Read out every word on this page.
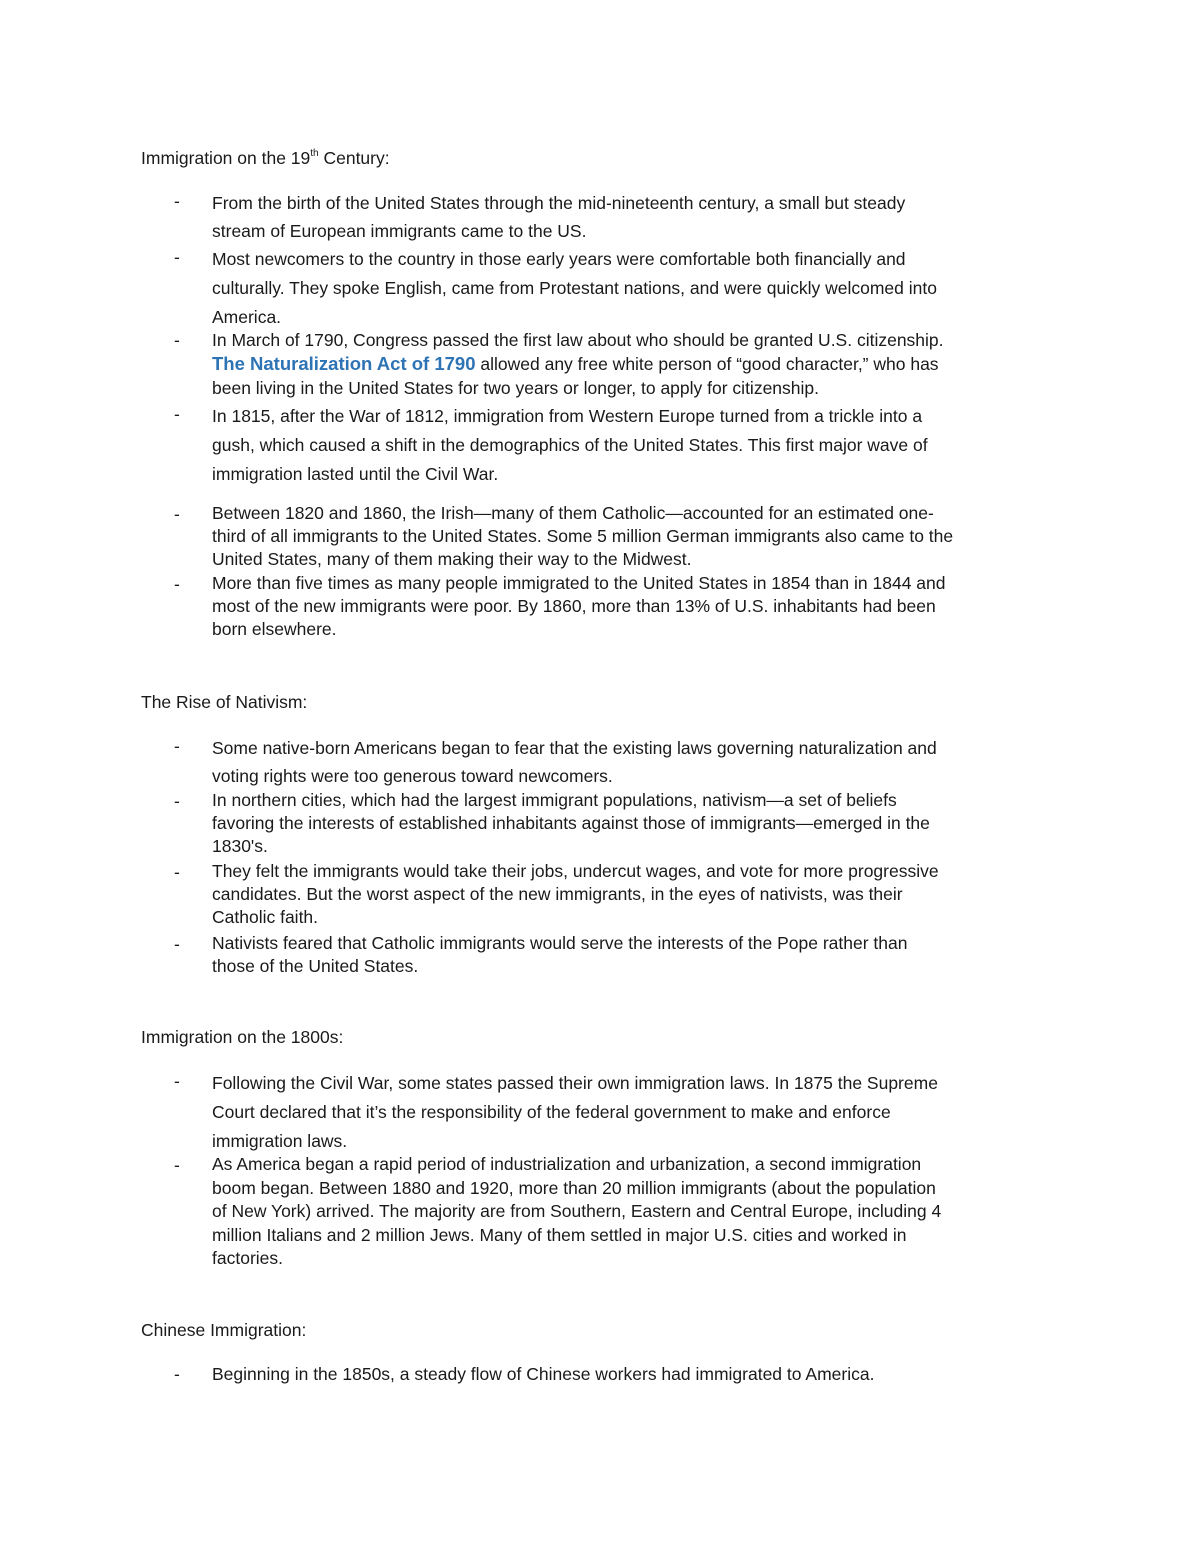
Immigration on the 19th Century:
-	From the birth of the United States through the mid-nineteenth century, a small but steady
stream of European immigrants came to the US.
-	Most newcomers to the country in those early years were comfortable both financially and
culturally. They spoke English, came from Protestant nations, and were quickly welcomed into
America.
-	In March of 1790, Congress passed the first law about who should be granted U.S. citizenship.
The Naturalization Act of 1790 allowed any free white person of “good character,” who has
been living in the United States for two years or longer, to apply for citizenship.
-	In 1815, after the War of 1812, immigration from Western Europe turned from a trickle into a
gush, which caused a shift in the demographics of the United States. This first major wave of
immigration lasted until the Civil War.
-	Between 1820 and 1860, the Irish—many of them Catholic—accounted for an estimated one-
third of all immigrants to the United States. Some 5 million German immigrants also came to the
United States, many of them making their way to the Midwest.
-	More than five times as many people immigrated to the United States in 1854 than in 1844 and
most of the new immigrants were poor. By 1860, more than 13% of U.S. inhabitants had been
born elsewhere.
The Rise of Nativism:
-	Some native-born Americans began to fear that the existing laws governing naturalization and
voting rights were too generous toward newcomers.
-	In northern cities, which had the largest immigrant populations, nativism—a set of beliefs
favoring the interests of established inhabitants against those of immigrants—emerged in the
1830's.
-	They felt the immigrants would take their jobs, undercut wages, and vote for more progressive
candidates. But the worst aspect of the new immigrants, in the eyes of nativists, was their
Catholic faith.
-	Nativists feared that Catholic immigrants would serve the interests of the Pope rather than
those of the United States.
Immigration on the 1800s:
-	Following the Civil War, some states passed their own immigration laws. In 1875 the Supreme
Court declared that it’s the responsibility of the federal government to make and enforce
immigration laws.
-	As America began a rapid period of industrialization and urbanization, a second immigration
boom began. Between 1880 and 1920, more than 20 million immigrants (about the population
of New York) arrived. The majority are from Southern, Eastern and Central Europe, including 4
million Italians and 2 million Jews. Many of them settled in major U.S. cities and worked in
factories.
Chinese Immigration:
-	Beginning in the 1850s, a steady flow of Chinese workers had immigrated to America.
